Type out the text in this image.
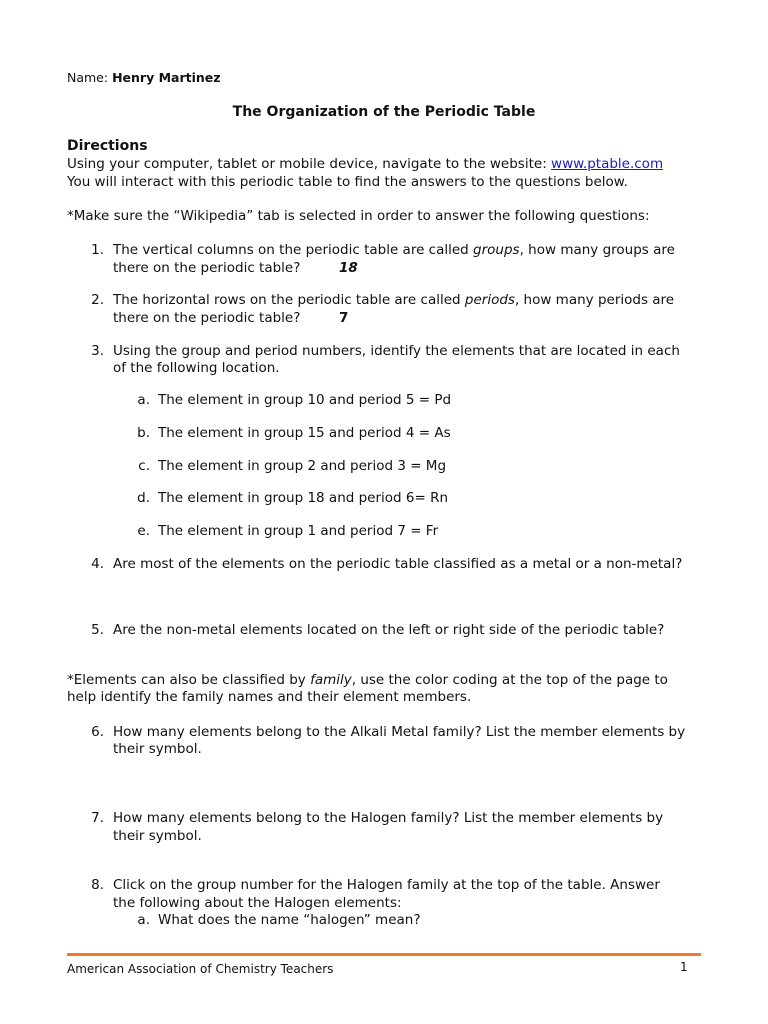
Name: Henry Martinez
The Organization of the Periodic Table
Directions
Using your computer, tablet or mobile device, navigate to the website: www.ptable.com
You will interact with this periodic table to find the answers to the questions below.
*Make sure the “Wikipedia” tab is selected in order to answer the following questions:
1. The vertical columns on the periodic table are called groups, how many groups are
there on the periodic table?	18
2. The horizontal rows on the periodic table are called periods, how many periods are
there on the periodic table?	7
3. Using the group and period numbers, identify the elements that are located in each
of the following location.
a. The element in group 10 and period 5 = Pd
b. The element in group 15 and period 4 = As
c. The element in group 2 and period 3 = Mg
d. The element in group 18 and period 6= Rn
e. The element in group 1 and period 7 = Fr
4. Are most of the elements on the periodic table classified as a metal or a non-metal?
5. Are the non-metal elements located on the left or right side of the periodic table?
*Elements can also be classified by family, use the color coding at the top of the page to
help identify the family names and their element members.
6. How many elements belong to the Alkali Metal family? List the member elements by
their symbol.
7. How many elements belong to the Halogen family? List the member elements by
their symbol.
8. Click on the group number for the Halogen family at the top of the table. Answer
the following about the Halogen elements:
a. What does the name “halogen” mean?
American Association of Chemistry Teachers	1
